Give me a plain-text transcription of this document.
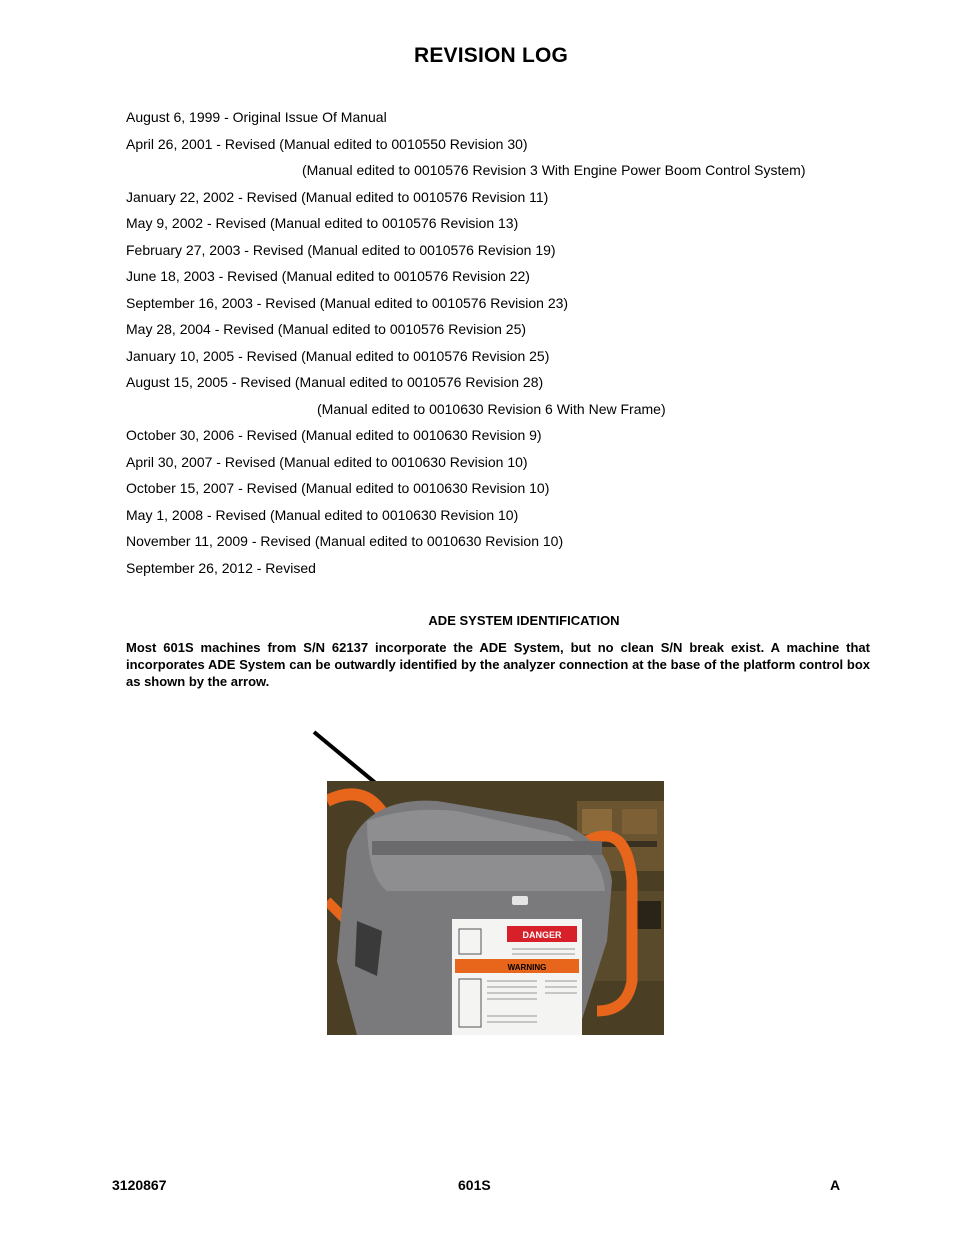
REVISION LOG
August 6, 1999 - Original Issue Of Manual
April 26, 2001 - Revised (Manual edited to 0010550 Revision 30)
(Manual edited to 0010576 Revision 3 With Engine Power Boom Control System)
January 22, 2002 - Revised (Manual edited to 0010576 Revision 11)
May 9, 2002 - Revised (Manual edited to 0010576 Revision 13)
February 27, 2003 - Revised (Manual edited to 0010576 Revision 19)
June 18, 2003 - Revised (Manual edited to 0010576 Revision 22)
September 16, 2003 - Revised (Manual edited to 0010576 Revision 23)
May 28, 2004 - Revised (Manual edited to 0010576 Revision 25)
January 10, 2005 - Revised (Manual edited to 0010576 Revision 25)
August 15, 2005 - Revised (Manual edited to 0010576 Revision 28)
(Manual edited to 0010630 Revision 6 With New Frame)
October 30, 2006 - Revised (Manual edited to 0010630 Revision 9)
April 30, 2007 - Revised (Manual edited to 0010630 Revision 10)
October 15, 2007 - Revised (Manual edited to 0010630 Revision 10)
May 1, 2008 - Revised (Manual edited to 0010630 Revision 10)
November 11, 2009 - Revised (Manual edited to 0010630 Revision 10)
September 26, 2012 - Revised
ADE SYSTEM IDENTIFICATION
Most 601S machines from S/N 62137 incorporate the ADE System, but no clean S/N break exist. A machine that incorporates ADE System can be outwardly identified by the analyzer connection at the base of the platform control box as shown by the arrow.
DANGER
WARNING
3120867	601S	A
